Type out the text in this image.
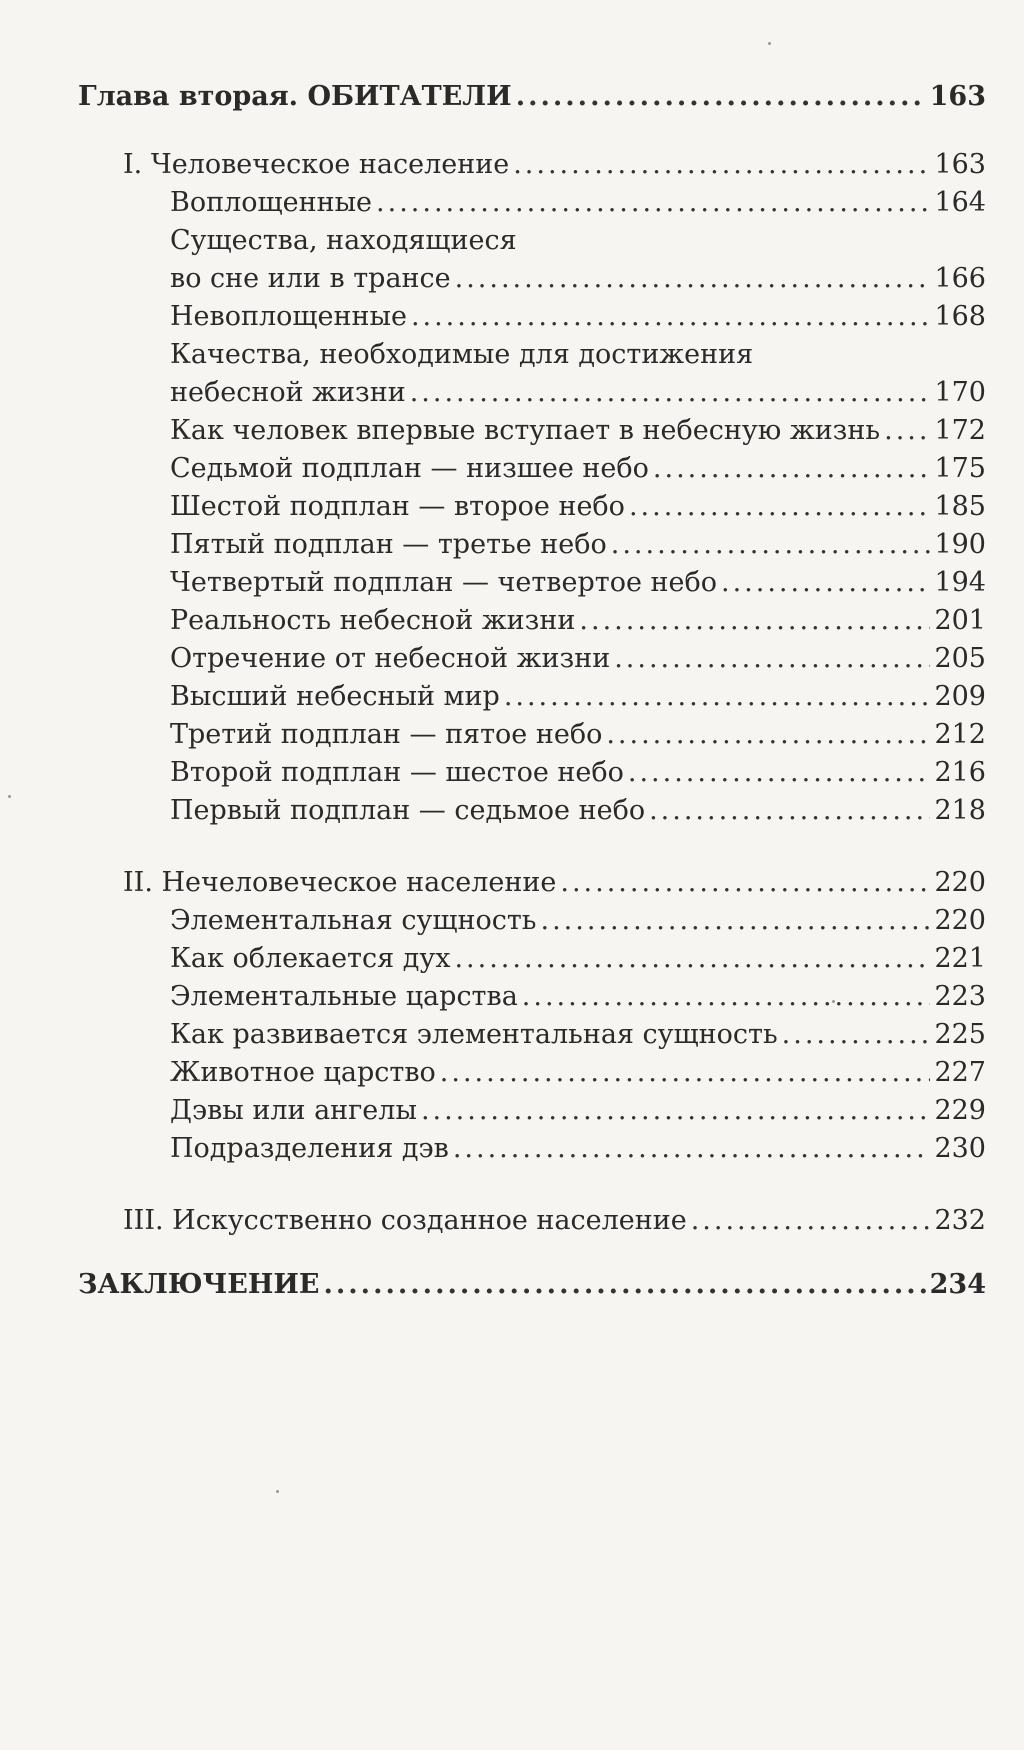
Глава вторая. ОБИТАТЕЛИ .....	163
I. Человеческое население .....	163
Воплощенные .....	164
Существа, находящиеся
во сне или в трансе .....	166
Невоплощенные .....	168
Качества, необходимые для достижения
небесной жизни .....	170
Как человек впервые вступает в небесную жизнь ..... 172
Седьмой подплан — низшее небо .....	175
Шестой подплан — второе небо .....	185
Пятый подплан — третье небо .....	190
Четвертый подплан — четвертое небо .....	194
Реальность небесной жизни .....	201
Отречение от небесной жизни .....	205
Высший небесный мир .....	209
Третий подплан — пятое небо .....	212
Второй подплан — шестое небо .....	216
Первый подплан — седьмое небо .....	218
II. Нечеловеческое население .....	220
Элементальная сущность .....	220
Как облекается дух .....	221
Элементальные царства .....	223
Как развивается элементальная сущность .....	225
Животное царство .....	227
Дэвы или ангелы .....	229
Подразделения дэв .....	230
III. Искусственно созданное население .....	232
ЗАКЛЮЧЕНИЕ .....	234
